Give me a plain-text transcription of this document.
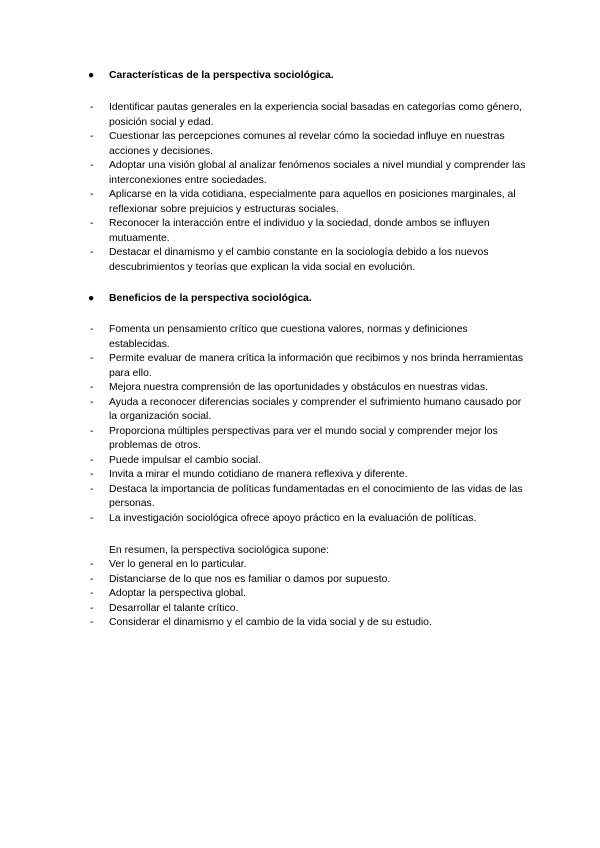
● Características de la perspectiva sociológica.
- Identificar pautas generales en la experiencia social basadas en categorías como género, posición social y edad.
- Cuestionar las percepciones comunes al revelar cómo la sociedad influye en nuestras acciones y decisiones.
- Adoptar una visión global al analizar fenómenos sociales a nivel mundial y comprender las interconexiones entre sociedades.
- Aplicarse en la vida cotidiana, especialmente para aquellos en posiciones marginales, al reflexionar sobre prejuicios y estructuras sociales.
- Reconocer la interacción entre el individuo y la sociedad, donde ambos se influyen mutuamente.
- Destacar el dinamismo y el cambio constante en la sociología debido a los nuevos descubrimientos y teorías que explican la vida social en evolución.
● Beneficios de la perspectiva sociológica.
- Fomenta un pensamiento crítico que cuestiona valores, normas y definiciones establecidas.
- Permite evaluar de manera crítica la información que recibimos y nos brinda herramientas para ello.
- Mejora nuestra comprensión de las oportunidades y obstáculos en nuestras vidas.
- Ayuda a reconocer diferencias sociales y comprender el sufrimiento humano causado por la organización social.
- Proporciona múltiples perspectivas para ver el mundo social y comprender mejor los problemas de otros.
- Puede impulsar el cambio social.
- Invita a mirar el mundo cotidiano de manera reflexiva y diferente.
- Destaca la importancia de políticas fundamentadas en el conocimiento de las vidas de las personas.
- La investigación sociológica ofrece apoyo práctico en la evaluación de políticas.
En resumen, la perspectiva sociológica supone:
- Ver lo general en lo particular.
- Distanciarse de lo que nos es familiar o damos por supuesto.
- Adoptar la perspectiva global.
- Desarrollar el talante crítico.
- Considerar el dinamismo y el cambio de la vida social y de su estudio.
